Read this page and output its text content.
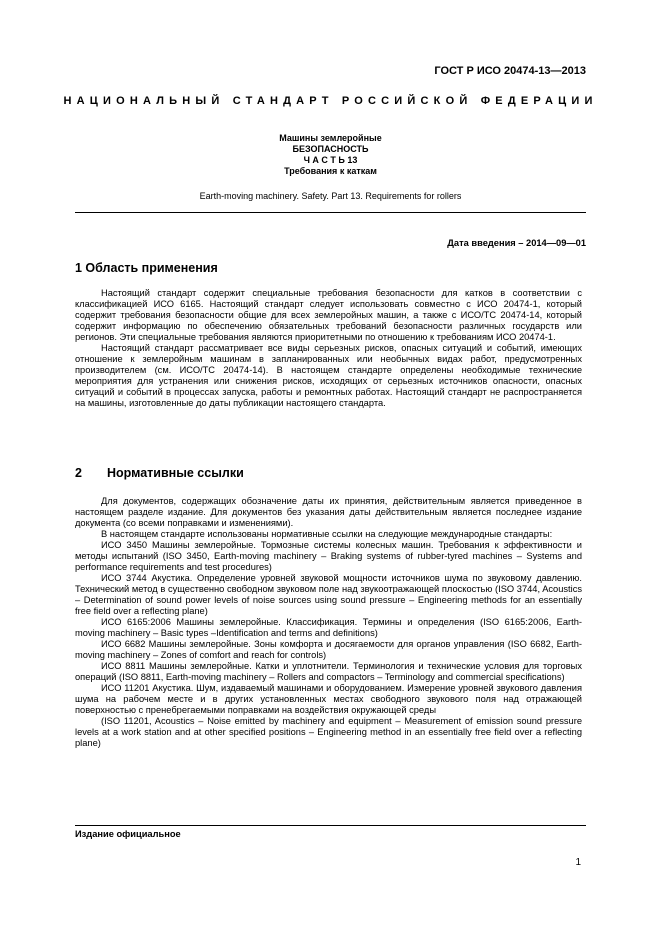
ГОСТ Р ИСО 20474-13—2013
НАЦИОНАЛЬНЫЙ СТАНДАРТ РОССИЙСКОЙ ФЕДЕРАЦИИ
Машины землеройные
БЕЗОПАСНОСТЬ
Ч А С Т Ь 13
Требования к каткам
Earth-moving machinery. Safety. Part 13. Requirements for rollers
Дата введения – 2014—09—01
1 Область применения

Настоящий стандарт содержит специальные требования безопасности для катков в соответствии с классификацией ИСО 6165. Настоящий стандарт следует использовать совместно с ИСО 20474-1, который содержит требования безопасности общие для всех землеройных машин, а также с ИСО/ТС 20474-14, который содержит информацию по обеспечению обязательных требований безопасности различных государств или регионов. Эти специальные требования являются приоритетными по отношению к требованиям ИСО 20474-1.

Настоящий стандарт рассматривает все виды серьезных рисков, опасных ситуаций и событий, имеющих отношение к землеройным машинам в запланированных или необычных видах работ, предусмотренных производителем (см. ИСО/ТС 20474-14). В настоящем стандарте определены необходимые технические мероприятия для устранения или снижения рисков, исходящих от серьезных источников опасности, опасных ситуаций и событий в процессах запуска, работы и ремонтных работах. Настоящий стандарт не распространяется на машины, изготовленные до даты публикации настоящего стандарта.

2 Нормативные ссылки

Для документов, содержащих обозначение даты их принятия, действительным является приведенное в настоящем разделе издание. Для документов без указания даты действительным является последнее издание документа (со всеми поправками и изменениями).

В настоящем стандарте использованы нормативные ссылки на следующие международные стандарты:

ИСО 3450 Машины землеройные. Тормозные системы колесных машин. Требования к эффективности и методы испытаний (ISO 3450, Earth-moving machinery – Braking systems of rubber-tyred machines – Systems and performance requirements and test procedures)

ИСО 3744 Акустика. Определение уровней звуковой мощности источников шума по звуковому давлению. Технический метод в существенно свободном звуковом поле над звукоотражающей плоскостью (ISO 3744, Acoustics – Determination of sound power levels of noise sources using sound pressure – Engineering methods for an essentially free field over a reflecting plane)

ИСО 6165:2006 Машины землеройные. Классификация. Термины и определения (ISO 6165:2006, Earth-moving machinery – Basic types –Identification and terms and definitions)

ИСО 6682 Машины землеройные. Зоны комфорта и досягаемости для органов управления (ISO 6682, Earth-moving machinery – Zones of comfort and reach for controls)

ИСО 8811 Машины землеройные. Катки и уплотнители. Терминология и технические условия для торговых операций (ISO 8811, Earth-moving machinery – Rollers and compactors – Terminology and commercial specifications)

ИСО 11201 Акустика. Шум, издаваемый машинами и оборудованием. Измерение уровней звукового давления шума на рабочем месте и в других установленных местах свободного звукового поля над отражающей поверхностью с пренебрегаемыми поправками на воздействия окружающей среды

(ISO 11201, Acoustics – Noise emitted by machinery and equipment – Measurement of emission sound pressure levels at a work station and at other specified positions – Engineering method in an essentially free field over a reflecting plane)

Издание официальное
1
